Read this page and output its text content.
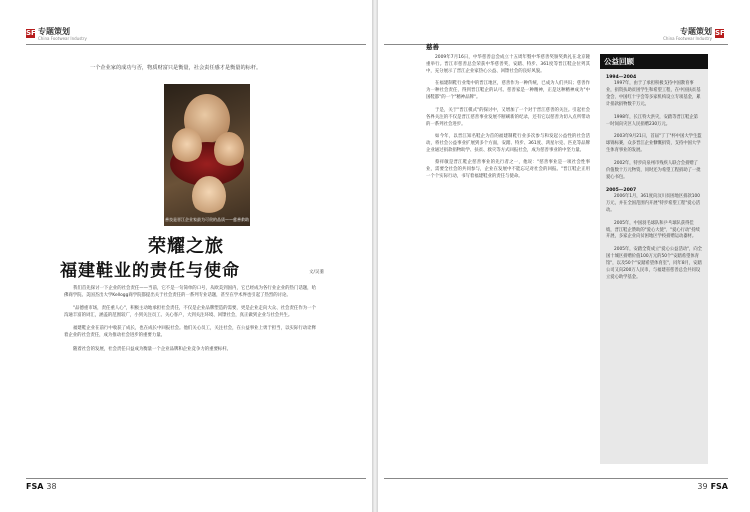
SF 专题策划
China Footwear Industry
一个企业家的成功与否，物质财富只是衡量，社会责任感才是衡量的标杆。
善良是晋江企业家最为可贵的品质——慈善救助
荣耀之旅
福建鞋业的责任与使命	文/吴蓁

我们首先探讨一下企业的社会责任——当前，它不是一句简单的口号，从欧美到国内，它已经成为各行业企业的热门话题，哈佛商学院、美国杰出大学Kellogg商学院都提出关于社会责任的一系列专业话题，甚至在学术界也引起了热烈的讨论。

"品德重市场，责任重人心"，积极主动地承担社会责任，不仅是企业品牌塑造的需要，更是企业走向大众、社会责任作为一个沟通丰富的词汇，涵盖的范围较广，小到关注员工、关心客户，大到关注环境、回馈社会，真正做到企业与社会共生。

福建鞋企业在前行中收获了成长，也在成长中回报社会。他们关心员工，关注社会，在公益事业上勇于担当，以实际行动诠释着企业的社会责任，成为推动社会进步的重要力量。

随着社会的发展，社会责任日益成为衡量一个企业品牌和企业竞争力的重要标杆。

FSA 38
专题策划 SF
China Footwear Industry
39 FSA
慈善

2009年7月16日，中华慈善总会成立十五周年暨中华慈善奖颁奖典礼在北京隆重举行。晋江市慈善总会荣获中华慈善奖，安踏、特步、361度等晋江鞋企位列其中，充分展示了晋江企业家热心公益、回馈社会的良好风貌。

在福建制鞋行业集中的晋江地区，慈善作为一种传统，已成为人们共识；慈善作为一种社会责任，得到晋江鞋企的认可。慈善家是一种精神，正是这种精神成为"中国鞋都"的一个"精神品牌"。

于是，关于"晋江模式"的探讨中，又增加了一个对于晋江慈善的关注。引起社会各界关注的不仅是晋江慈善事业发展不断刷新的纪录，还有它以慈善为切入点所带动的一系列社会进步。

如今年，以晋江知名鞋企为首的福建制鞋行业多次参与和发起公益性的社会活动，将社会公益事业扩展到多个方面，安踏、特步、361度、鸿星尔克、匹克等品牌企业通过捐款捐物助学、扶贫、救灾等方式回报社会，成为慈善事业的中坚力量。

蔡祥敏是晋江鞋企慈善事业的先行者之一，他说："慈善事业是一项社会性事业，需要全社会的共同参与，企业在发展中不能忘记对社会的回报。"晋江鞋企正用一个个实际行动，书写着福建鞋业的责任与使命。

公益回顾
1994—2004

1997年，由于了承担积极支持中国教育事业，捐资扶助贫困学生和希望工程，在中国扶贫基金会、中国红十字会等多家机构设立专项基金，累计捐款捐物数千万元。

1998年，长江特大洪灾，安踏等晋江鞋企第一时间向灾区人民捐赠230万元。

2003年9月21日，首届"丁丁"杯中国大学生篮球锦标赛，众多晋江企业慷慨捐资，支持中国大学生体育事业的发展。

2002年，特步向泉州市残疾人联合会捐赠了价值数十万元物资，同时还为希望工程捐助了一批爱心书包。

2005—2007

2006年1月，361度向汶川贫困地区捐款100万元，并在全国范围内开展"特步希望工程"爱心活动。

2005年，中国羽毛球队和乒乓球队获得佳绩，晋江鞋企赞助的"爱心大使"、"爱心行动"持续开展，多家企业向贫困地区学校捐赠运动器材。

2005年，安踏全资成立"爱心公益活动"，向全国十城区捐赠价值100万元的50个"安踏希望体育馆"，以及50个"安踏希望体育室"，同年8月，安踏公司又向200万人民币，与福建省慈善总会共同设立爱心助学基金。
